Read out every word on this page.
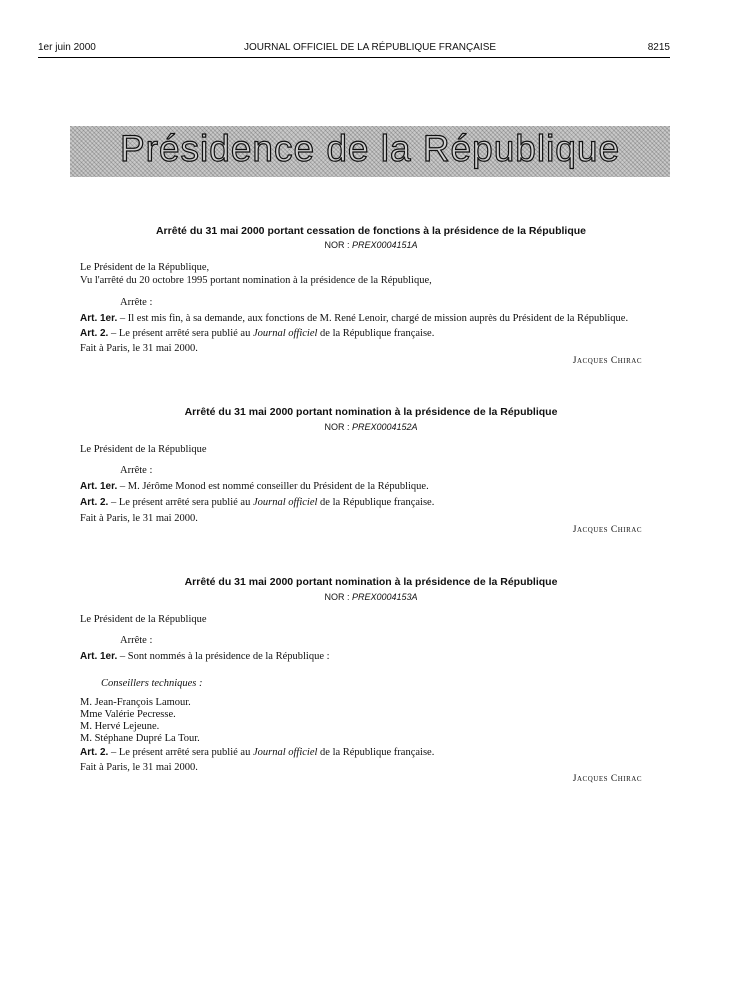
1er juin 2000	JOURNAL OFFICIEL DE LA RÉPUBLIQUE FRANÇAISE	8215
Présidence de la République
Arrêté du 31 mai 2000 portant cessation de fonctions à la présidence de la République
NOR : PREX0004151A
Le Président de la République,
Vu l'arrêté du 20 octobre 1995 portant nomination à la présidence de la République,
Arrête :
Art. 1er. – Il est mis fin, à sa demande, aux fonctions de M. René Lenoir, chargé de mission auprès du Président de la République.
Art. 2. – Le présent arrêté sera publié au Journal officiel de la République française.
Fait à Paris, le 31 mai 2000.
Jacques Chirac
Arrêté du 31 mai 2000 portant nomination à la présidence de la République
NOR : PREX0004152A
Le Président de la République
Arrête :
Art. 1er. – M. Jérôme Monod est nommé conseiller du Président de la République.
Art. 2. – Le présent arrêté sera publié au Journal officiel de la République française.
Fait à Paris, le 31 mai 2000.
Jacques Chirac
Arrêté du 31 mai 2000 portant nomination à la présidence de la République
NOR : PREX0004153A
Le Président de la République
Arrête :
Art. 1er. – Sont nommés à la présidence de la République :
Conseillers techniques :
M. Jean-François Lamour.
Mme Valérie Pecresse.
M. Hervé Lejeune.
M. Stéphane Dupré La Tour.
Art. 2. – Le présent arrêté sera publié au Journal officiel de la République française.
Fait à Paris, le 31 mai 2000.
Jacques Chirac
